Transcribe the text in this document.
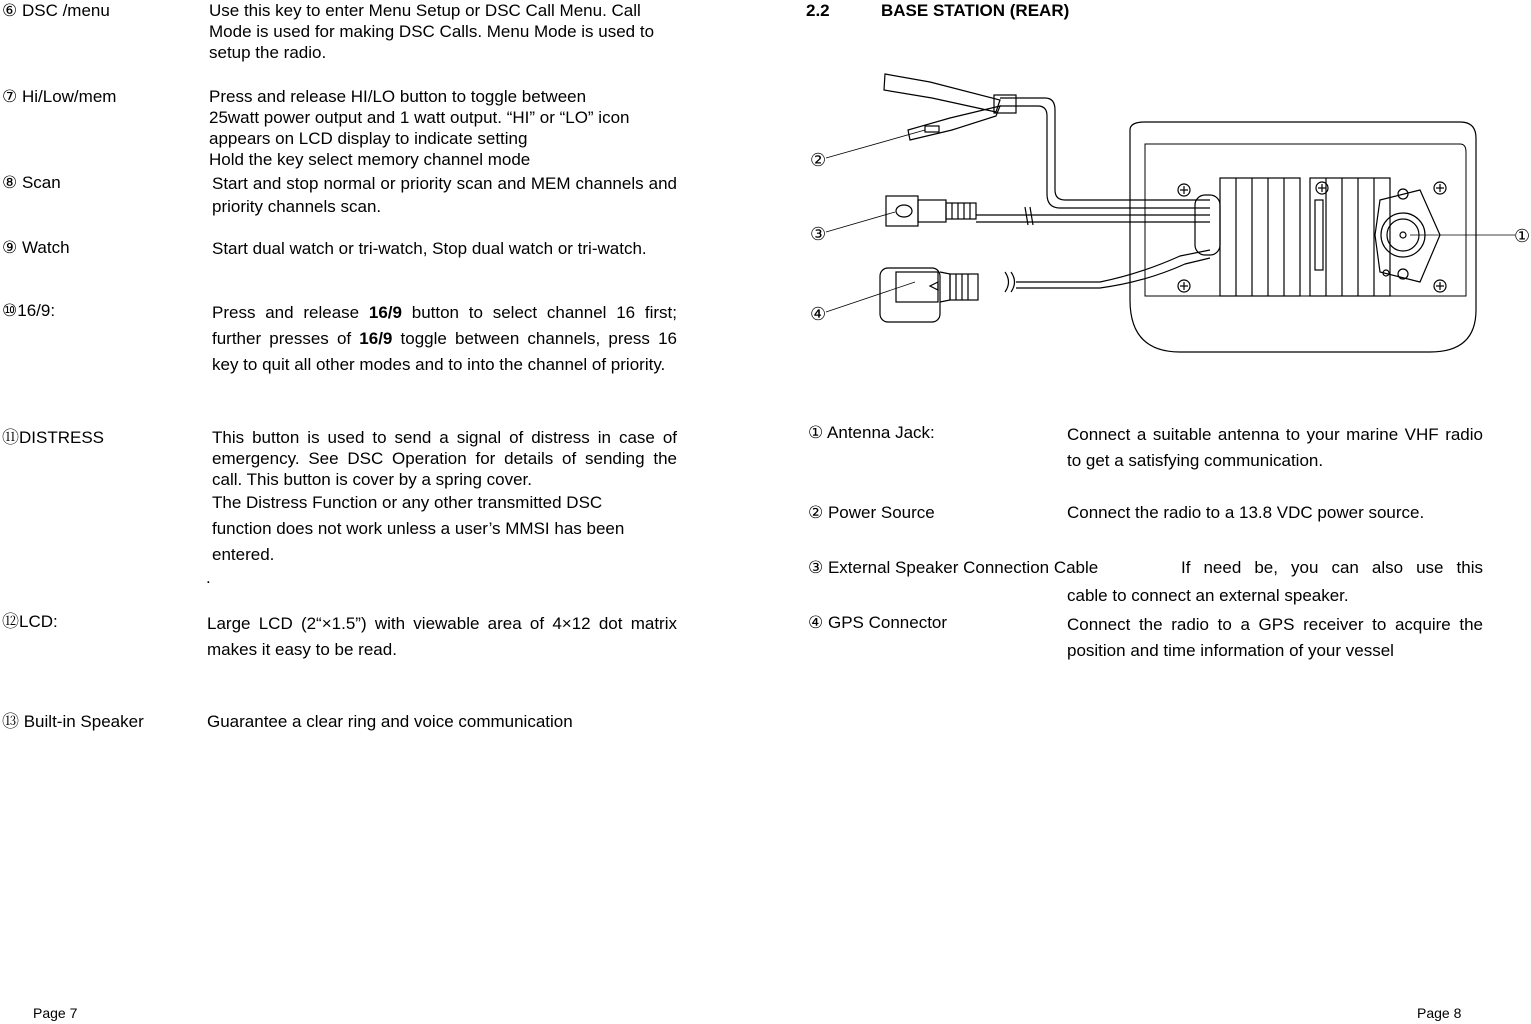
⑥ DSC /menu	Use this key to enter Menu Setup or DSC Call Menu. Call Mode is used for making DSC Calls. Menu Mode is used to setup the radio.
⑦ Hi/Low/mem	Press and release HI/LO button to toggle between
25watt power output and 1 watt output. “HI” or “LO” icon
appears on LCD display to indicate setting
Hold the key select memory channel mode
⑧ Scan	Start and stop normal or priority scan and MEM channels and priority channels scan.
⑨ Watch	Start dual watch or tri-watch, Stop dual watch or tri-watch.
⑩16/9:	Press and release 16/9 button to select channel 16 first; further presses of 16/9 toggle between channels, press 16 key to quit all other modes and to into the channel of priority.
⑪DISTRESS	This button is used to send a signal of distress in case of emergency. See DSC Operation for details of sending the call. This button is cover by a spring cover.
The Distress Function or any other transmitted DSC
function does not work unless a user’s MMSI has been
entered.
.
⑫LCD:	Large LCD (2“×1.5”) with viewable area of 4×12 dot matrix makes it easy to be read.
⑬ Built-in Speaker	Guarantee a clear ring and voice communication
Page 7
2.2	BASE STATION (REAR)
②
③
④
①
① Antenna Jack:	Connect a suitable antenna to your marine VHF radio to get a satisfying communication.
② Power Source	Connect the radio to a 13.8 VDC power source.
③ External Speaker Connection Cable	If need be, you can also use this
cable to connect an external speaker.
④ GPS Connector	Connect the radio to a GPS receiver to acquire the position and time information of your vessel
Page 8
